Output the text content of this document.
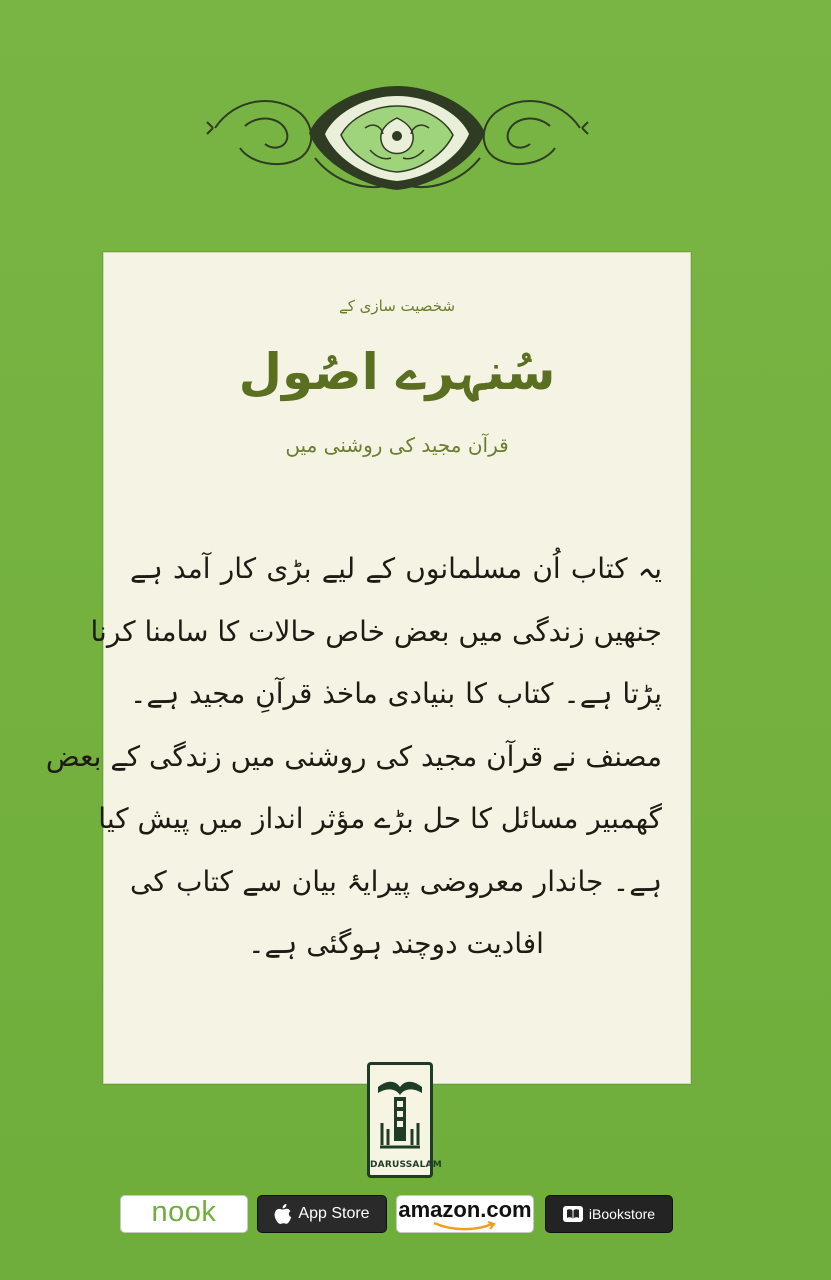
شخصیت سازی کے
سُنہرے اصُول
قرآن مجید کی روشنی میں
یہ کتاب اُن مسلمانوں کے لیے بڑی کار آمد ہے
جنھیں زندگی میں بعض خاص حالات کا سامنا کرنا
پڑتا ہے۔ کتاب کا بنیادی ماخذ قرآنِ مجید ہے۔
مصنف نے قرآن مجید کی روشنی میں زندگی کے بعض
گھمبیر مسائل کا حل بڑے مؤثر انداز میں پیش کیا
ہے۔ جاندار معروضی پیرایۂ بیان سے کتاب کی
افادیت دوچند ہوگئی ہے۔
DARUSSALAM
nook	App Store amazon.com	iBookstore
